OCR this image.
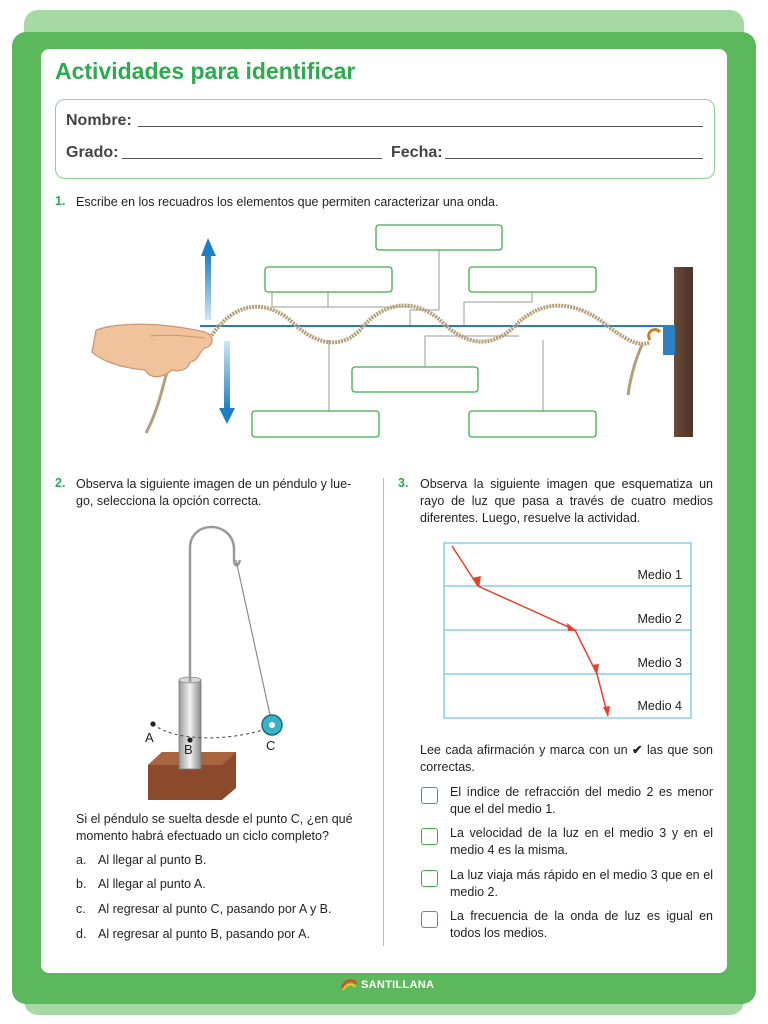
Actividades para identificar
Nombre:
Grado:	Fecha:
1. Escribe en los recuadros los elementos que permiten caracterizar una onda.
A
B	C
Medio 1
Medio 2
Medio 3
Medio 4
2. Observa la siguiente imagen de un péndulo y lue-
go, selecciona la opción correcta.
Si el péndulo se suelta desde el punto C, ¿en qué
momento habrá efectuado un ciclo completo?
a. Al llegar al punto B.
b. Al llegar al punto A.
c. Al regresar al punto C, pasando por A y B.
d. Al regresar al punto B, pasando por A.
3. Observa la siguiente imagen que esquematiza un rayo de luz que pasa a través de cuatro medios diferentes. Luego, resuelve la actividad.
Lee cada afirmación y marca con un ✔ las que son correctas.
El índice de refracción del medio 2 es menor que el del medio 1.
La velocidad de la luz en el medio 3 y en el medio 4 es la misma.
La luz viaja más rápido en el medio 3 que en el medio 2.
La frecuencia de la onda de luz es igual en todos los medios.
SANTILLANA
